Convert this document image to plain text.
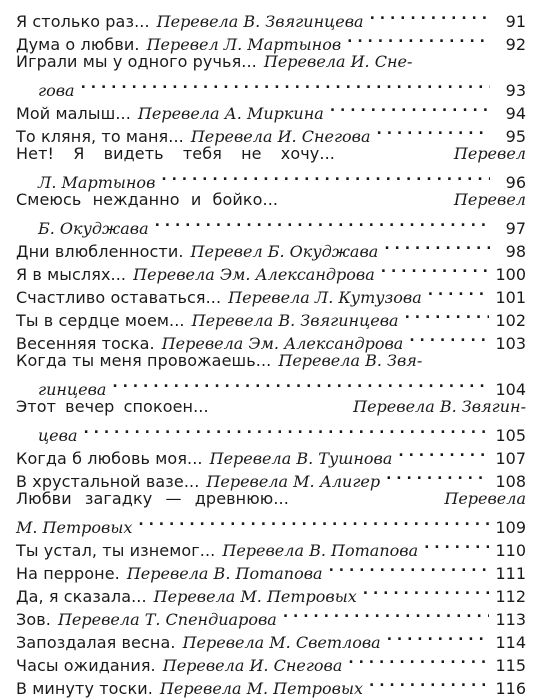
Я столько раз... Перевела В. Звягинцева . . .	91
Дума о любви. Перевел Л. Мартынов . . .	92
Играли мы у одного ручья... Перевела И. Сне-
гова . . .	93
Мой малыш... Перевела А. Миркина . . .	94
То кляня, то маня... Перевела И. Снегова . . .	95
Нет! Я видеть тебя не хочу...	Перевел
Л. Мартынов . . .	96
Смеюсь нежданно и бойко...	Перевел
Б. Окуджава . . .	97
Дни влюбленности. Перевел Б. Окуджава . . .	98
Я в мыслях... Перевела Эм. Александрова . . .	100
Счастливо оставаться... Перевела Л. Кутузова . . .	101
Ты в сердце моем... Перевела В. Звягинцева . . .	102
Весенняя тоска. Перевела Эм. Александрова . . .	103
Когда ты меня провожаешь... Перевела В. Звя-
гинцева . . .	104
Этот вечер спокоен...	Перевела В. Звягин-
цева . . .	105
Когда б любовь моя... Перевела В. Тушнова . . .	107
В хрустальной вазе... Перевела М. Алигер . . .	108
Любви загадку — древнюю...	Перевела
М. Петровых . . .	109
Ты устал, ты изнемог... Перевела В. Потапова . . .	110
На перроне. Перевела В. Потапова . . .	111
Да, я сказала... Перевела М. Петровых . . .	112
Зов. Перевела Т. Спендиарова . . .	113
Запоздалая весна. Перевела М. Светлова . . .	114
Часы ожидания. Перевела И. Снегова . . .	115
В минуту тоски. Перевела М. Петровых . . .	116
